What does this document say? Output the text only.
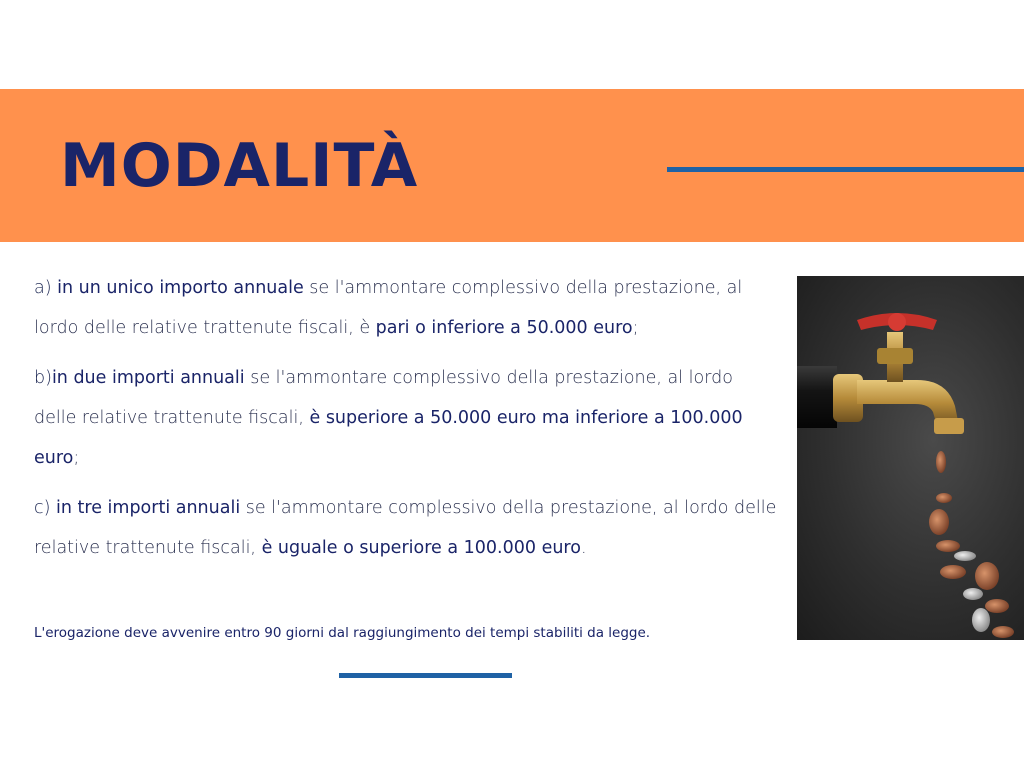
MODALITÀ

a) in un unico importo annuale se l'ammontare complessivo della prestazione, al lordo delle relative trattenute fiscali, è pari o inferiore a 50.000 euro;

b)in due importi annuali se l'ammontare complessivo della prestazione, al lordo delle relative trattenute fiscali, è superiore a 50.000 euro ma inferiore a 100.000 euro;

c) in tre importi annuali se l'ammontare complessivo della prestazione, al lordo delle relative trattenute fiscali, è uguale o superiore a 100.000 euro.

L'erogazione deve avvenire entro 90 giorni dal raggiungimento dei tempi stabiliti da legge.
